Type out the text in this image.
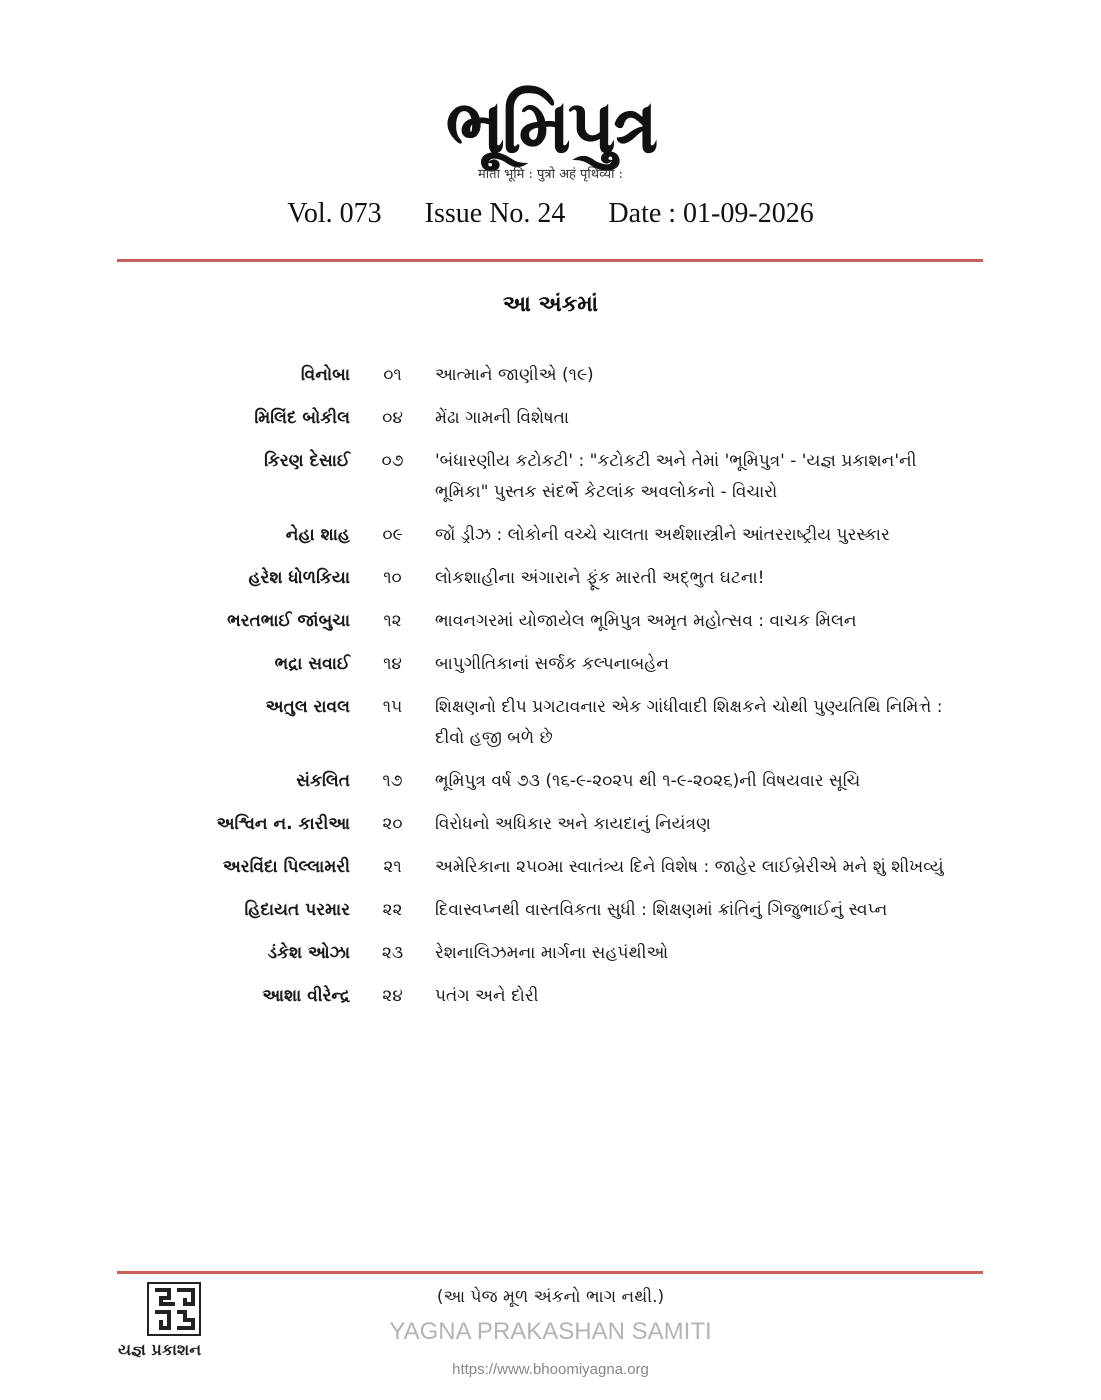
ભૂમિપુત્ર
माता भूमि : पुत्रो अहं पृथिव्या :
Vol. 073 Issue No. 24 Date : 01-09-2026
આ અંકમાં
વિનોબા	૦૧	આત્માને જાણીએ (૧૯)
મિલિંદ બોકીલ	૦૪	મેંઢા ગામની વિશેષતા
કિરણ દેસાઈ	૦૭	'બંધારણીય કટોકટી' : "કટોકટી અને તેમાં 'ભૂમિપુત્ર' - 'યજ્ઞ પ્રકાશન'ની ભૂમિકા" પુસ્તક સંદર્ભે કેટલાંક અવલોકનો - વિચારો
નેહા શાહ	૦૯	જોં ડ્રીઝ : લોકોની વચ્ચે ચાલતા અર્થશાસ્ત્રીને આંતરરાષ્ટ્રીય પુરસ્કાર
હરેશ ધોળકિયા	૧૦	લોકશાહીના અંગારાને ફૂંક મારતી અદ્‌ભુત ઘટના!
ભરતભાઈ જાંબુચા	૧૨	ભાવનગરમાં યોજાયેલ ભૂમિપુત્ર અમૃત મહોત્સવ : વાચક મિલન
ભદ્રા સવાઈ	૧૪	બાપુગીતિકાનાં સર્જક કલ્પનાબહેન
અતુલ રાવલ	૧૫	શિક્ષણનો દીપ પ્રગટાવનાર એક ગાંધીવાદી શિક્ષકને ચોથી પુણ્યતિથિ નિમિત્તે : દીવો હજી બળે છે
સંકલિત	૧૭	ભૂમિપુત્ર વર્ષ ૭૩ (૧૬-૯-૨૦૨૫ થી ૧-૯-૨૦૨૬)ની વિષયવાર સૂચિ
અશ્વિન ન. કારીઆ	૨૦	વિરોધનો અધિકાર અને કાયદાનું નિયંત્રણ
અરવિંદા પિલ્લામરી	૨૧	અમેરિકાના ૨૫૦મા સ્વાતંત્ર્ય દિને વિશેષ : જાહેર લાઈબ્રેરીએ મને શું શીખવ્યું
હિદાયત પરમાર	૨૨	દિવાસ્વપ્નથી વાસ્તવિકતા સુધી : શિક્ષણમાં ક્રાંતિનું ગિજુભાઈનું સ્વપ્ન
ડંકેશ ઓઝા	૨૩	રેશનાલિઝમના માર્ગના સહપંથીઓ
આશા વીરેન્દ્ર	૨૪	પતંગ અને દોરી
યજ્ઞ પ્રકાશન
(આ પેજ મૂળ અંકનો ભાગ નથી.)
YAGNA PRAKASHAN SAMITI
https://www.bhoomiyagna.org
